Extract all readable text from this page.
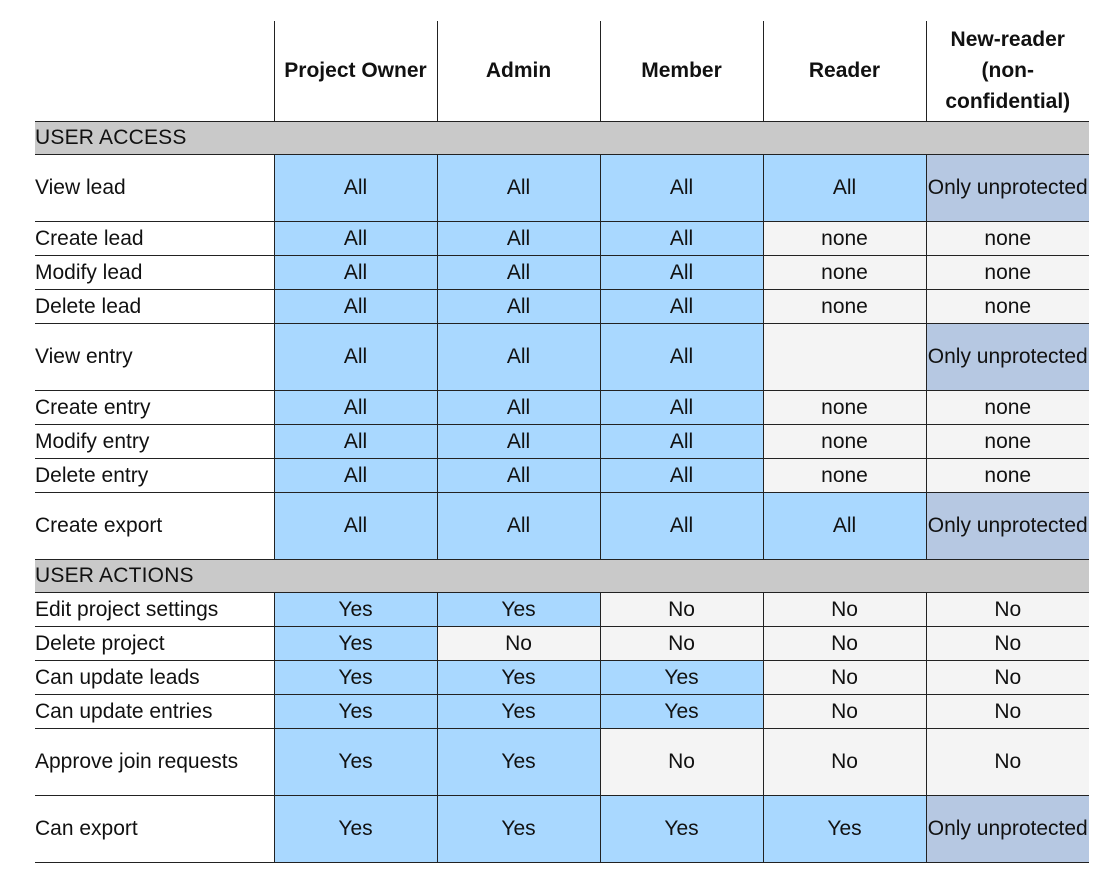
	Project Owner	Admin	Member	Reader	New-reader (non-confidential)
USER ACCESS					
View lead	All	All	All	All	Only unprotected
Create lead	All	All	All	none	none
Modify lead	All	All	All	none	none
Delete lead	All	All	All	none	none
View entry	All	All	All		Only unprotected
Create entry	All	All	All	none	none
Modify entry	All	All	All	none	none
Delete entry	All	All	All	none	none
Create export	All	All	All	All	Only unprotected
USER ACTIONS					
Edit project settings	Yes	Yes	No	No	No
Delete project	Yes	No	No	No	No
Can update leads	Yes	Yes	Yes	No	No
Can update entries	Yes	Yes	Yes	No	No
Approve join requests	Yes	Yes	No	No	No
Can export	Yes	Yes	Yes	Yes	Only unprotected
